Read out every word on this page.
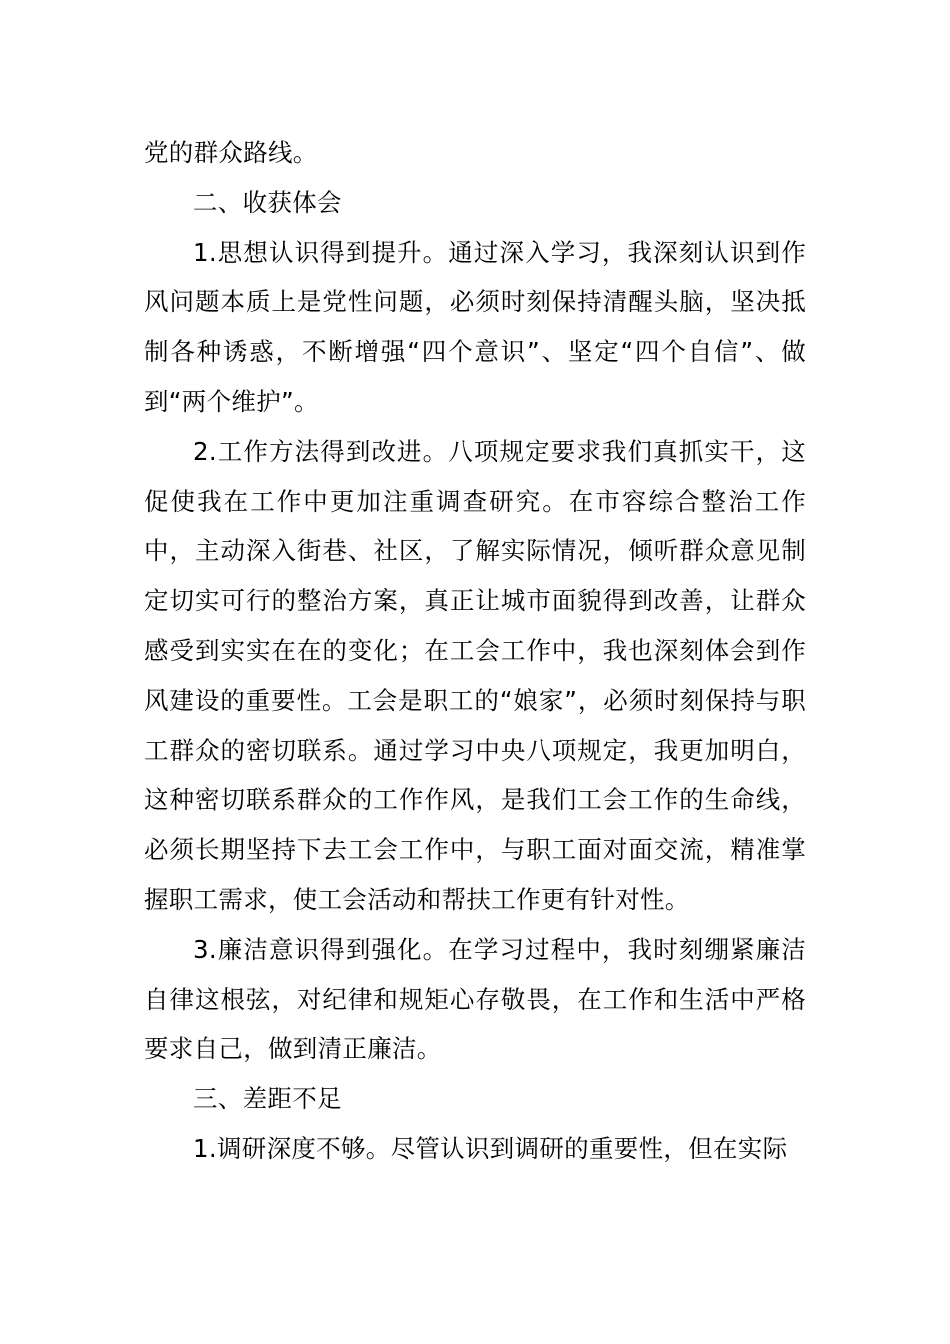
党的群众路线。

二、收获体会

1.思想认识得到提升。通过深入学习，我深刻认识到作风问题本质上是党性问题，必须时刻保持清醒头脑，坚决抵制各种诱惑，不断增强“四个意识”、坚定“四个自信”、做到“两个维护”。

2.工作方法得到改进。八项规定要求我们真抓实干，这促使我在工作中更加注重调查研究。在市容综合整治工作中，主动深入街巷、社区，了解实际情况，倾听群众意见制定切实可行的整治方案，真正让城市面貌得到改善，让群众感受到实实在在的变化；在工会工作中，我也深刻体会到作风建设的重要性。工会是职工的“娘家”，必须时刻保持与职工群众的密切联系。通过学习中央八项规定，我更加明白，这种密切联系群众的工作作风，是我们工会工作的生命线，必须长期坚持下去工会工作中，与职工面对面交流，精准掌握职工需求，使工会活动和帮扶工作更有针对性。

3.廉洁意识得到强化。在学习过程中，我时刻绷紧廉洁自律这根弦，对纪律和规矩心存敬畏，在工作和生活中严格要求自己，做到清正廉洁。

三、差距不足

1.调研深度不够。尽管认识到调研的重要性，但在实际
